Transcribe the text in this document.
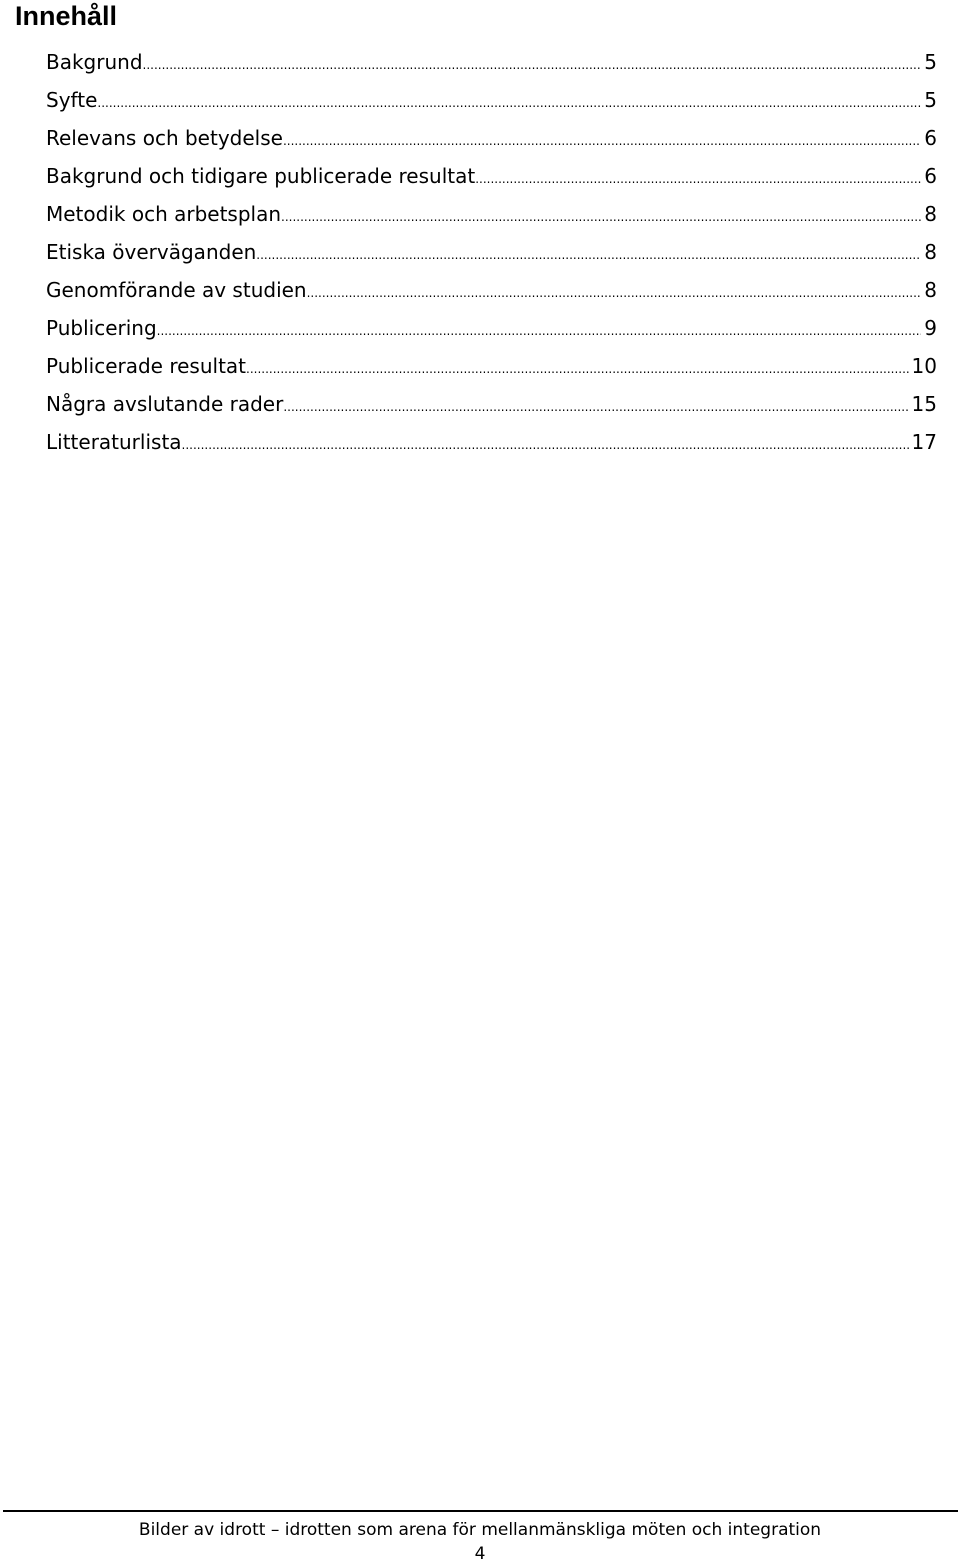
Innehåll
Bakgrund .....	5
Syfte .....	5
Relevans och betydelse .....	6
Bakgrund och tidigare publicerade resultat .....	6
Metodik och arbetsplan .....	8
Etiska överväganden .....	8
Genomförande av studien .....	8
Publicering .....	9
Publicerade resultat .....	10
Några avslutande rader .....	15
Litteraturlista .....	17

Bilder av idrott – idrotten som arena för mellanmänskliga möten och integration

4
